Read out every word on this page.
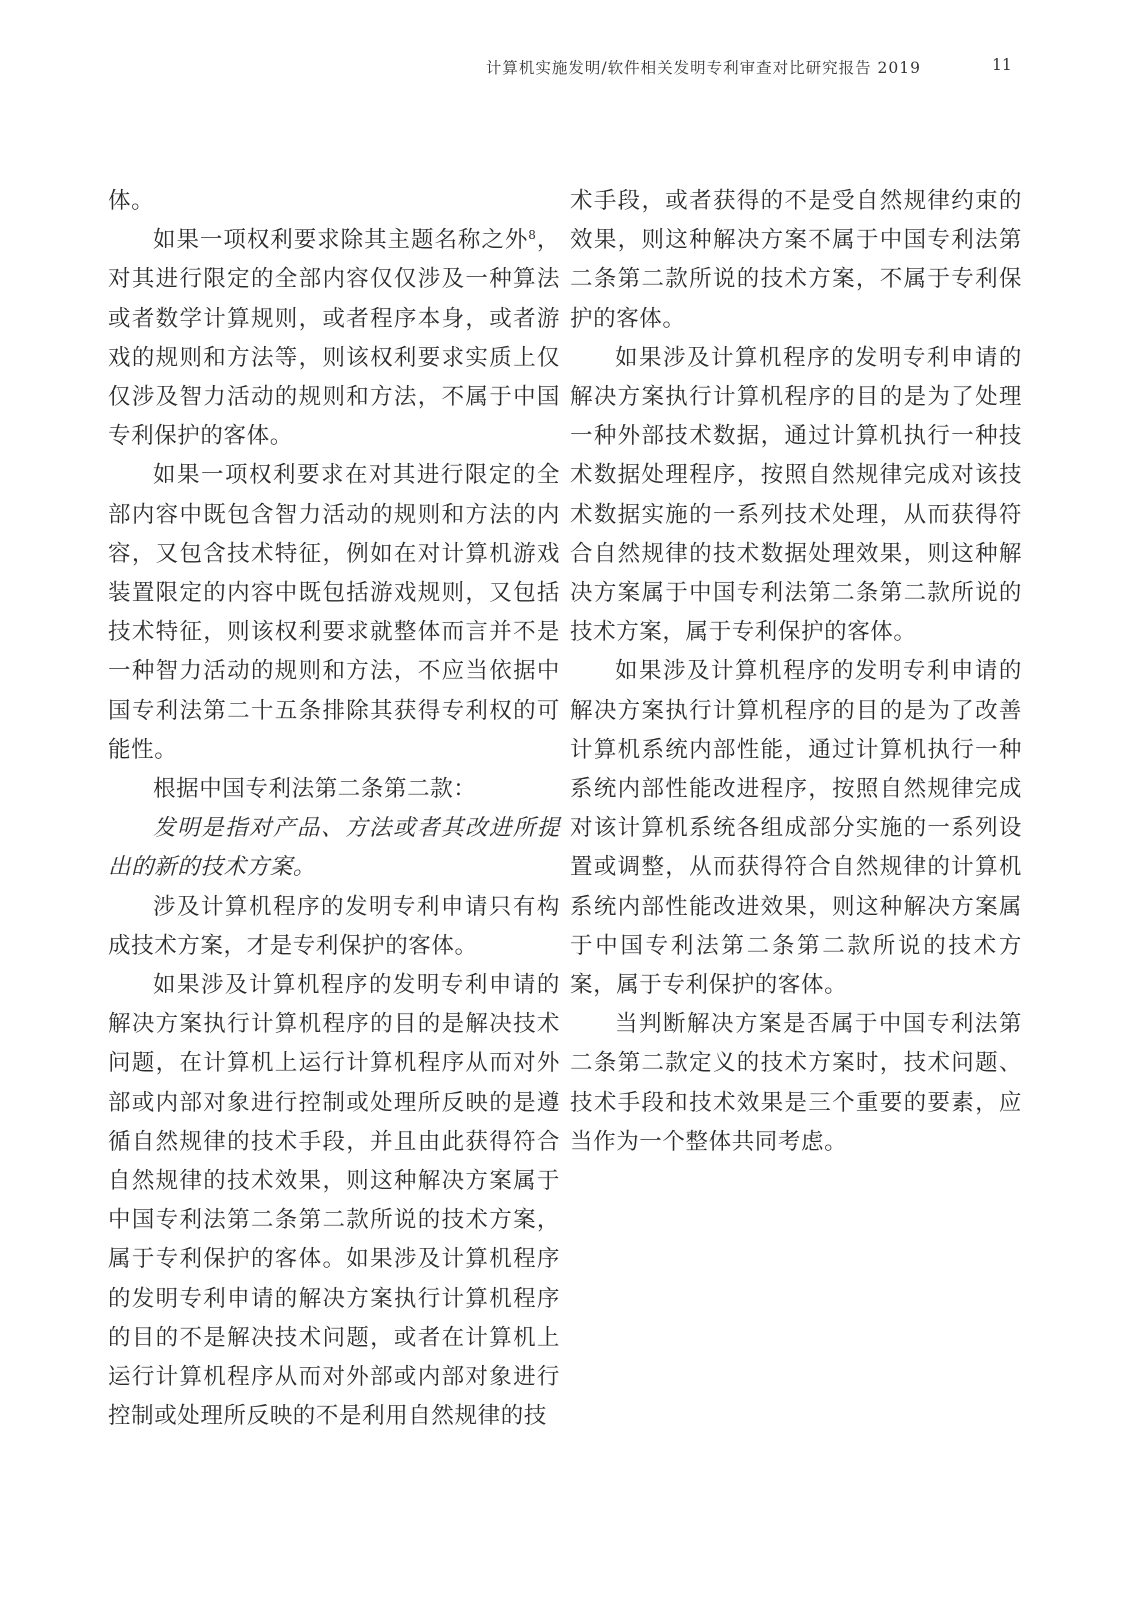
计算机实施发明/软件相关发明专利审查对比研究报告 2019	11

体。

如果一项权利要求除其主题名称之外$^8$，对其进行限定的全部内容仅仅涉及一种算法或者数学计算规则，或者程序本身，或者游戏的规则和方法等，则该权利要求实质上仅仅涉及智力活动的规则和方法，不属于中国专利保护的客体。

如果一项权利要求在对其进行限定的全部内容中既包含智力活动的规则和方法的内容，又包含技术特征，例如在对计算机游戏装置限定的内容中既包括游戏规则，又包括技术特征，则该权利要求就整体而言并不是一种智力活动的规则和方法，不应当依据中国专利法第二十五条排除其获得专利权的可能性。

根据中国专利法第二条第二款：

发明是指对产品、方法或者其改进所提出的新的技术方案。

涉及计算机程序的发明专利申请只有构成技术方案，才是专利保护的客体。

如果涉及计算机程序的发明专利申请的解决方案执行计算机程序的目的是解决技术问题，在计算机上运行计算机程序从而对外部或内部对象进行控制或处理所反映的是遵循自然规律的技术手段，并且由此获得符合自然规律的技术效果，则这种解决方案属于中国专利法第二条第二款所说的技术方案，属于专利保护的客体。如果涉及计算机程序的发明专利申请的解决方案执行计算机程序的目的不是解决技术问题，或者在计算机上运行计算机程序从而对外部或内部对象进行控制或处理所反映的不是利用自然规律的技

术手段，或者获得的不是受自然规律约束的效果，则这种解决方案不属于中国专利法第二条第二款所说的技术方案，不属于专利保护的客体。

如果涉及计算机程序的发明专利申请的解决方案执行计算机程序的目的是为了处理一种外部技术数据，通过计算机执行一种技术数据处理程序，按照自然规律完成对该技术数据实施的一系列技术处理，从而获得符合自然规律的技术数据处理效果，则这种解决方案属于中国专利法第二条第二款所说的技术方案，属于专利保护的客体。

如果涉及计算机程序的发明专利申请的解决方案执行计算机程序的目的是为了改善计算机系统内部性能，通过计算机执行一种系统内部性能改进程序，按照自然规律完成对该计算机系统各组成部分实施的一系列设置或调整，从而获得符合自然规律的计算机系统内部性能改进效果，则这种解决方案属于中国专利法第二条第二款所说的技术方案，属于专利保护的客体。

当判断解决方案是否属于中国专利法第二条第二款定义的技术方案时，技术问题、技术手段和技术效果是三个重要的要素，应当作为一个整体共同考虑。
